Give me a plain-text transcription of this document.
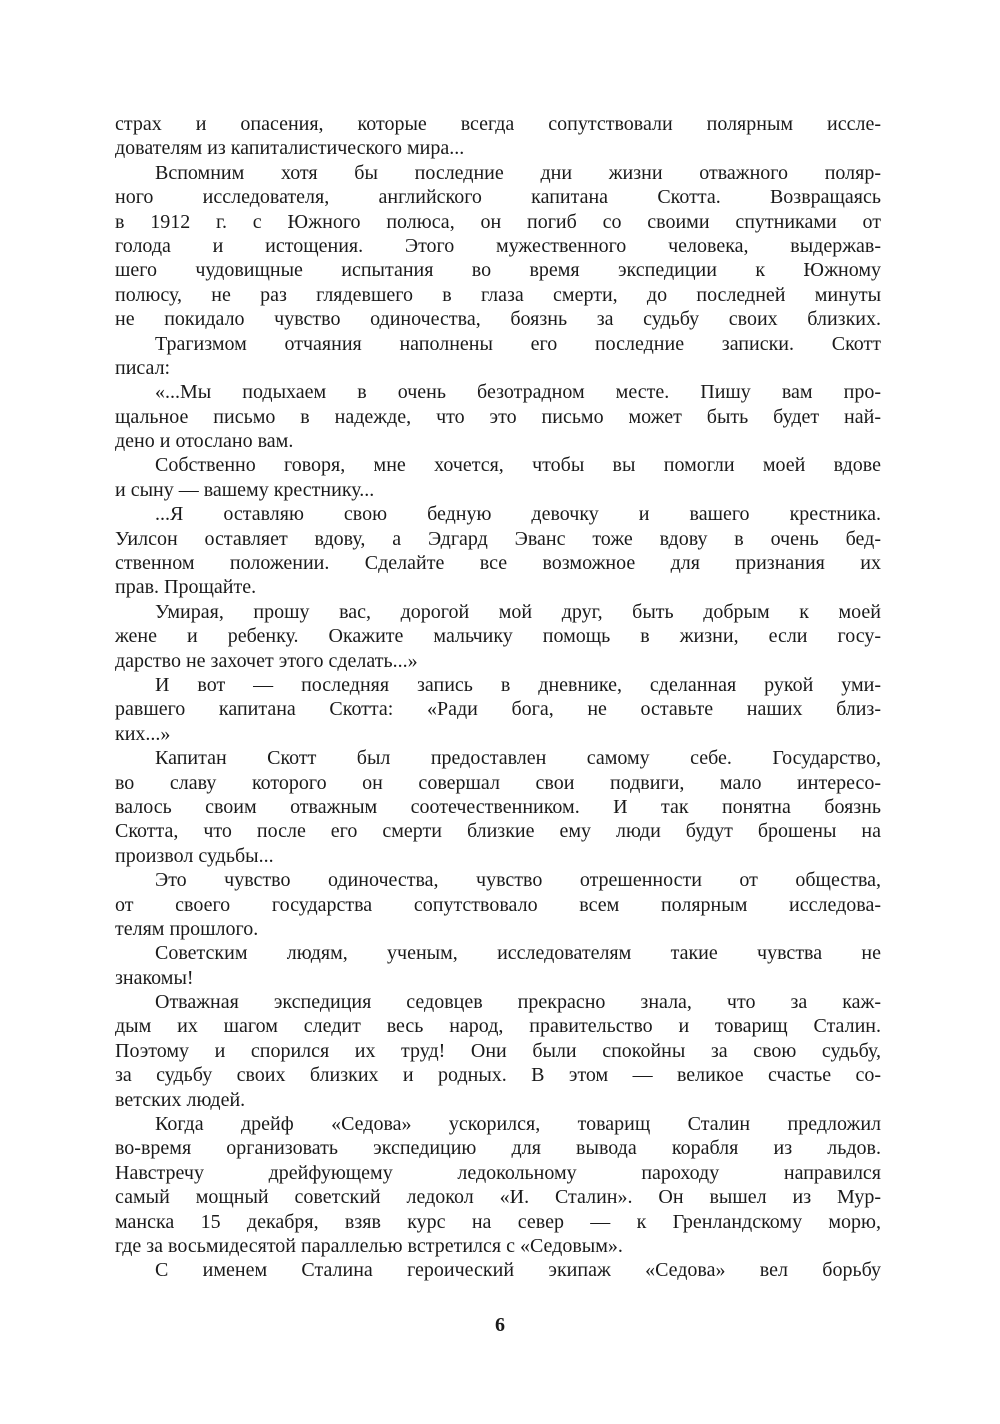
страх и опасения, которые всегда сопутствовали полярным иссле-
дователям из капиталистического мира...
Вспомним хотя бы последние дни жизни отважного поляр-
ного исследователя, английского капитана Скотта. Возвращаясь
в 1912 г. с Южного полюса, он погиб со своими спутниками от
голода и истощения. Этого мужественного человека, выдержав-
шего чудовищные испытания во время экспедиции к Южному
полюсу, не раз глядевшего в глаза смерти, до последней минуты
не покидало чувство одиночества, боязнь за судьбу своих близких.
Трагизмом отчаяния наполнены его последние записки. Скотт
писал:
«...Мы подыхаем в очень безотрадном месте. Пишу вам про-
щальное письмо в надежде, что это письмо может быть будет най-
дено и отослано вам.
Собственно говоря, мне хочется, чтобы вы помогли моей вдове
и сыну — вашему крестнику...
...Я оставляю свою бедную девочку и вашего крестника.
Уилсон оставляет вдову, а Эдгард Эванс тоже вдову в очень бед-
ственном положении. Сделайте все возможное для признания их
прав. Прощайте.
Умирая, прошу вас, дорогой мой друг, быть добрым к моей
жене и ребенку. Окажите мальчику помощь в жизни, если госу-
дарство не захочет этого сделать...»
И вот — последняя запись в дневнике, сделанная рукой уми-
равшего капитана Скотта: «Ради бога, не оставьте наших близ-
ких...»
Капитан Скотт был предоставлен самому себе. Государство,
во славу которого он совершал свои подвиги, мало интересо-
валось своим отважным соотечественником. И так понятна боязнь
Скотта, что после его смерти близкие ему люди будут брошены на
произвол судьбы...
Это чувство одиночества, чувство отрешенности от общества,
от своего государства сопутствовало всем полярным исследова-
телям прошлого.
Советским людям, ученым, исследователям такие чувства не
знакомы!
Отважная экспедиция седовцев прекрасно знала, что за каж-
дым их шагом следит весь народ, правительство и товарищ Сталин.
Поэтому и спорился их труд! Они были спокойны за свою судьбу,
за судьбу своих близких и родных. В этом — великое счастье со-
ветских людей.
Когда дрейф «Седова» ускорился, товарищ Сталин предложил
во-время организовать экспедицию для вывода корабля из льдов.
Навстречу дрейфующему ледокольному пароходу направился
самый мощный советский ледокол «И. Сталин». Он вышел из Мур-
манска 15 декабря, взяв курс на север — к Гренландскому морю,
где за восьмидесятой параллелью встретился с «Седовым».
С именем Сталина героический экипаж «Седова» вел борьбу
6
